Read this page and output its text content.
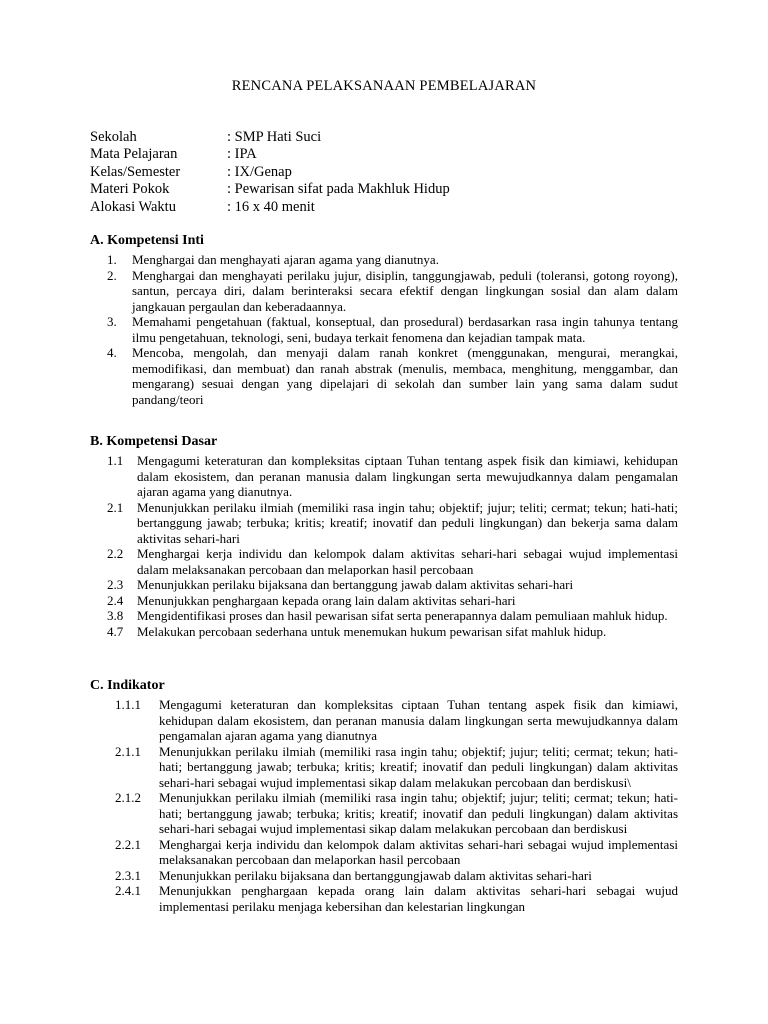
RENCANA PELAKSANAAN PEMBELAJARAN
Sekolah	: SMP Hati Suci
Mata Pelajaran	: IPA
Kelas/Semester	: IX/Genap
Materi Pokok	: Pewarisan sifat pada Makhluk Hidup
Alokasi Waktu	: 16 x 40 menit
A. Kompetensi Inti
1.	Menghargai dan menghayati ajaran agama yang dianutnya.
2.	Menghargai dan menghayati perilaku jujur, disiplin, tanggungjawab, peduli (toleransi, gotong royong), santun, percaya diri, dalam berinteraksi secara efektif dengan lingkungan sosial dan alam dalam jangkauan pergaulan dan keberadaannya.
3.	Memahami pengetahuan (faktual, konseptual, dan prosedural) berdasarkan rasa ingin tahunya tentang ilmu pengetahuan, teknologi, seni, budaya terkait fenomena dan kejadian tampak mata.
4.	Mencoba, mengolah, dan menyaji dalam ranah konkret (menggunakan, mengurai, merangkai, memodifikasi, dan membuat) dan ranah abstrak (menulis, membaca, menghitung, menggambar, dan mengarang) sesuai dengan yang dipelajari di sekolah dan sumber lain yang sama dalam sudut pandang/teori
B. Kompetensi Dasar
1.1	Mengagumi keteraturan dan kompleksitas ciptaan Tuhan tentang aspek fisik dan kimiawi, kehidupan dalam ekosistem, dan peranan manusia dalam lingkungan serta mewujudkannya dalam pengamalan ajaran agama yang dianutnya.
2.1	Menunjukkan perilaku ilmiah (memiliki rasa ingin tahu; objektif; jujur; teliti; cermat; tekun; hati-hati; bertanggung jawab; terbuka; kritis; kreatif; inovatif dan peduli lingkungan) dan bekerja sama dalam aktivitas sehari-hari
2.2	Menghargai kerja individu dan kelompok dalam aktivitas sehari-hari sebagai wujud implementasi dalam melaksanakan percobaan dan melaporkan hasil percobaan
2.3	Menunjukkan perilaku bijaksana dan bertanggung jawab dalam aktivitas sehari-hari
2.4	Menunjukkan penghargaan kepada orang lain dalam aktivitas sehari-hari
3.8	Mengidentifikasi proses dan hasil pewarisan sifat serta penerapannya dalam pemuliaan mahluk hidup.
4.7	Melakukan percobaan sederhana untuk menemukan hukum pewarisan sifat mahluk hidup.
C. Indikator
1.1.1	Mengagumi keteraturan dan kompleksitas ciptaan Tuhan tentang aspek fisik dan kimiawi, kehidupan dalam ekosistem, dan peranan manusia dalam lingkungan serta mewujudkannya dalam pengamalan ajaran agama yang dianutnya
2.1.1	Menunjukkan perilaku ilmiah (memiliki rasa ingin tahu; objektif; jujur; teliti; cermat; tekun; hati-hati; bertanggung jawab; terbuka; kritis; kreatif; inovatif dan peduli lingkungan) dalam aktivitas sehari-hari sebagai wujud implementasi sikap dalam melakukan percobaan dan berdiskusi\
2.1.2	Menunjukkan perilaku ilmiah (memiliki rasa ingin tahu; objektif; jujur; teliti; cermat; tekun; hati-hati; bertanggung jawab; terbuka; kritis; kreatif; inovatif dan peduli lingkungan) dalam aktivitas sehari-hari sebagai wujud implementasi sikap dalam melakukan percobaan dan berdiskusi
2.2.1	Menghargai kerja individu dan kelompok dalam aktivitas sehari-hari sebagai wujud implementasi melaksanakan percobaan dan melaporkan hasil percobaan
2.3.1	Menunjukkan perilaku bijaksana dan bertanggungjawab dalam aktivitas sehari-hari
2.4.1	Menunjukkan penghargaan kepada orang lain dalam aktivitas sehari-hari sebagai wujud implementasi perilaku menjaga kebersihan dan kelestarian lingkungan
